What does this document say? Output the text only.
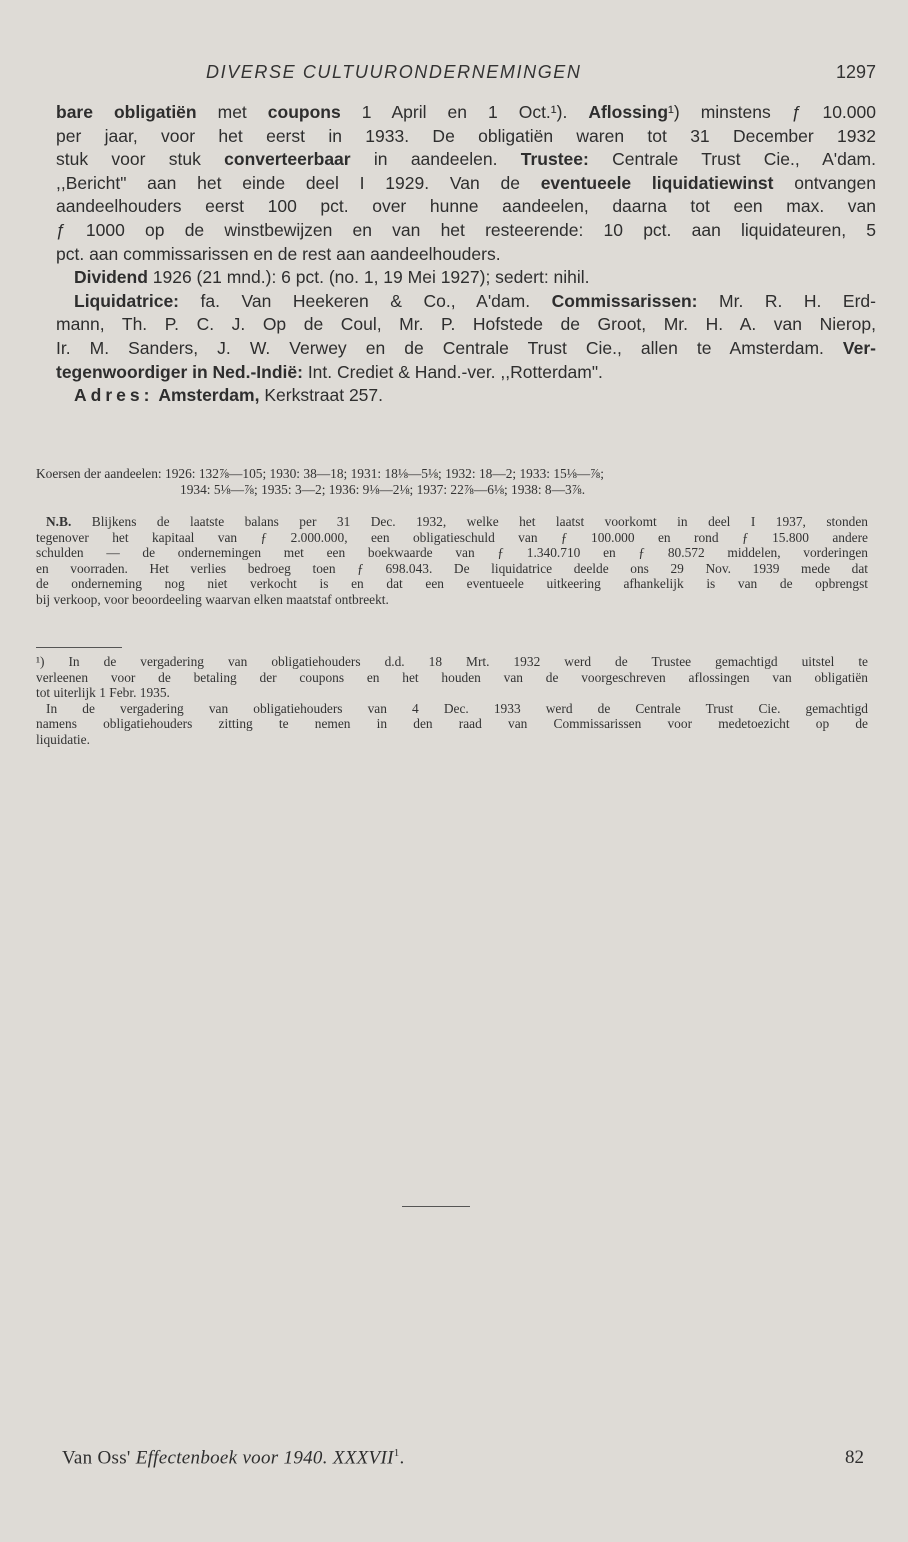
DIVERSE CULTUURONDERNEMINGEN	1297
bare obligatiën met coupons 1 April en 1 Oct.¹). Aflossing¹) minstens ƒ 10.000
per jaar, voor het eerst in 1933. De obligatiën waren tot 31 December 1932
stuk voor stuk converteerbaar in aandeelen. Trustee: Centrale Trust Cie., A'dam.
,,Bericht" aan het einde deel I 1929. Van de eventueele liquidatiewinst ontvangen
aandeelhouders eerst 100 pct. over hunne aandeelen, daarna tot een max. van
ƒ 1000 op de winstbewijzen en van het resteerende: 10 pct. aan liquidateuren, 5
pct. aan commissarissen en de rest aan aandeelhouders.
Dividend 1926 (21 mnd.): 6 pct. (no. 1, 19 Mei 1927); sedert: nihil.
Liquidatrice: fa. Van Heekeren & Co., A'dam. Commissarissen: Mr. R. H. Erd-
mann, Th. P. C. J. Op de Coul, Mr. P. Hofstede de Groot, Mr. H. A. van Nierop,
Ir. M. Sanders, J. W. Verwey en de Centrale Trust Cie., allen te Amsterdam. Ver-
tegenwoordiger in Ned.-Indië: Int. Crediet & Hand.-ver. ,,Rotterdam".
Adres: Amsterdam, Kerkstraat 257.
Koersen der aandeelen: 1926: 132⅞—105; 1930: 38—18; 1931: 18⅛—5⅛; 1932: 18—2; 1933: 15⅛—⅞;
1934: 5⅛—⅞; 1935: 3—2; 1936: 9⅛—2⅛; 1937: 22⅞—6⅛; 1938: 8—3⅞.
N.B. Blijkens de laatste balans per 31 Dec. 1932, welke het laatst voorkomt in deel I 1937, stonden
tegenover het kapitaal van ƒ 2.000.000, een obligatieschuld van ƒ 100.000 en rond ƒ 15.800 andere
schulden — de ondernemingen met een boekwaarde van ƒ 1.340.710 en ƒ 80.572 middelen, vorderingen
en voorraden. Het verlies bedroeg toen ƒ 698.043. De liquidatrice deelde ons 29 Nov. 1939 mede dat
de onderneming nog niet verkocht is en dat een eventueele uitkeering afhankelijk is van de opbrengst
bij verkoop, voor beoordeeling waarvan elken maatstaf ontbreekt.
¹) In de vergadering van obligatiehouders d.d. 18 Mrt. 1932 werd de Trustee gemachtigd uitstel te
verleenen voor de betaling der coupons en het houden van de voorgeschreven aflossingen van obligatiën
tot uiterlijk 1 Febr. 1935.
In de vergadering van obligatiehouders van 4 Dec. 1933 werd de Centrale Trust Cie. gemachtigd
namens obligatiehouders zitting te nemen in den raad van Commissarissen voor medetoezicht op de
liquidatie.
Van Oss' Effectenboek voor 1940. XXXVII$^1$.	82
